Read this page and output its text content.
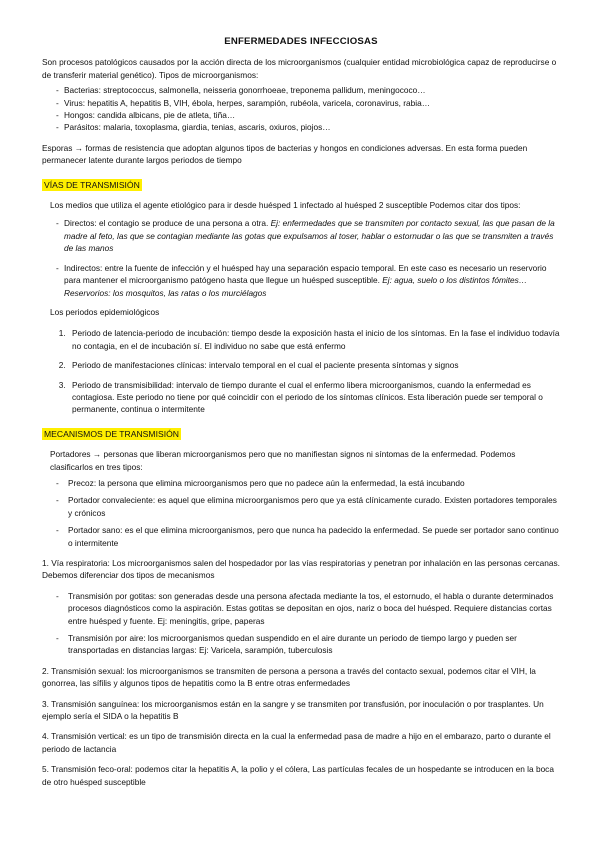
ENFERMEDADES INFECCIOSAS

Son procesos patológicos causados por la acción directa de los microorganismos (cualquier entidad microbiológica capaz de reproducirse o de transferir material genético). Tipos de microorganismos:

- Bacterias: streptococcus, salmonella, neisseria gonorrhoeae, treponema pallidum, meningococo…
- Virus: hepatitis A, hepatitis B, VIH, ébola, herpes, sarampión, rubéola, varicela, coronavirus, rabia…
- Hongos: candida albicans, pie de atleta, tiña…
- Parásitos: malaria, toxoplasma, giardia, tenias, ascaris, oxiuros, piojos…

Esporas → formas de resistencia que adoptan algunos tipos de bacterias y hongos en condiciones adversas. En esta forma pueden permanecer latente durante largos periodos de tiempo

VÍAS DE TRANSMISIÓN

Los medios que utiliza el agente etiológico para ir desde huésped 1 infectado al huésped 2 susceptible Podemos citar dos tipos:

- Directos: el contagio se produce de una persona a otra. Ej: enfermedades que se transmiten por contacto sexual, las que pasan de la madre al feto, las que se contagian mediante las gotas que expulsamos al toser, hablar o estornudar o las que se transmiten a través de las manos
- Indirectos: entre la fuente de infección y el huésped hay una separación espacio temporal. En este caso es necesario un reservorio para mantener el microorganismo patógeno hasta que llegue un huésped susceptible. Ej: agua, suelo o los distintos fómites… Reservorios: los mosquitos, las ratas o los murciélagos

Los periodos epidemiológicos

1. Periodo de latencia-periodo de incubación: tiempo desde la exposición hasta el inicio de los síntomas. En la fase el individuo todavía no contagia, en el de incubación sí. El individuo no sabe que está enfermo
2. Periodo de manifestaciones clínicas: intervalo temporal en el cual el paciente presenta síntomas y signos
3. Periodo de transmisibilidad: intervalo de tiempo durante el cual el enfermo libera microorganismos, cuando la enfermedad es contagiosa. Este periodo no tiene por qué coincidir con el periodo de los síntomas clínicos. Esta liberación puede ser temporal o permanente, continua o intermitente
MECANISMOS DE TRANSMISIÓN

Portadores → personas que liberan microorganismos pero que no manifiestan signos ni síntomas de la enfermedad. Podemos clasificarlos en tres tipos:

- Precoz: la persona que elimina microorganismos pero que no padece aún la enfermedad, la está incubando
- Portador convaleciente: es aquel que elimina microorganismos pero que ya está clínicamente curado. Existen portadores temporales y crónicos
- Portador sano: es el que elimina microorganismos, pero que nunca ha padecido la enfermedad. Se puede ser portador sano continuo o intermitente

1. Vía respiratoria: Los microorganismos salen del hospedador por las vías respiratorias y penetran por inhalación en las personas cercanas. Debemos diferenciar dos tipos de mecanismos

- Transmisión por gotitas: son generadas desde una persona afectada mediante la tos, el estornudo, el habla o durante determinados procesos diagnósticos como la aspiración. Estas gotitas se depositan en ojos, nariz o boca del huésped. Requiere distancias cortas entre huésped y fuente. Ej: meningitis, gripe, paperas
- Transmisión por aire: los microorganismos quedan suspendido en el aire durante un periodo de tiempo largo y pueden ser transportadas en distancias largas: Ej: Varicela, sarampión, tuberculosis

2. Transmisión sexual: los microorganismos se transmiten de persona a persona a través del contacto sexual, podemos citar el VIH, la gonorrea, las sífilis y algunos tipos de hepatitis como la B entre otras enfermedades

3. Transmisión sanguínea: los microorganismos están en la sangre y se transmiten por transfusión, por inoculación o por trasplantes. Un ejemplo sería el SIDA o la hepatitis B

4. Transmisión vertical: es un tipo de transmisión directa en la cual la enfermedad pasa de madre a hijo en el embarazo, parto o durante el periodo de lactancia

5. Transmisión feco-oral: podemos citar la hepatitis A, la polio y el cólera, Las partículas fecales de un hospedante se introducen en la boca de otro huésped susceptible
